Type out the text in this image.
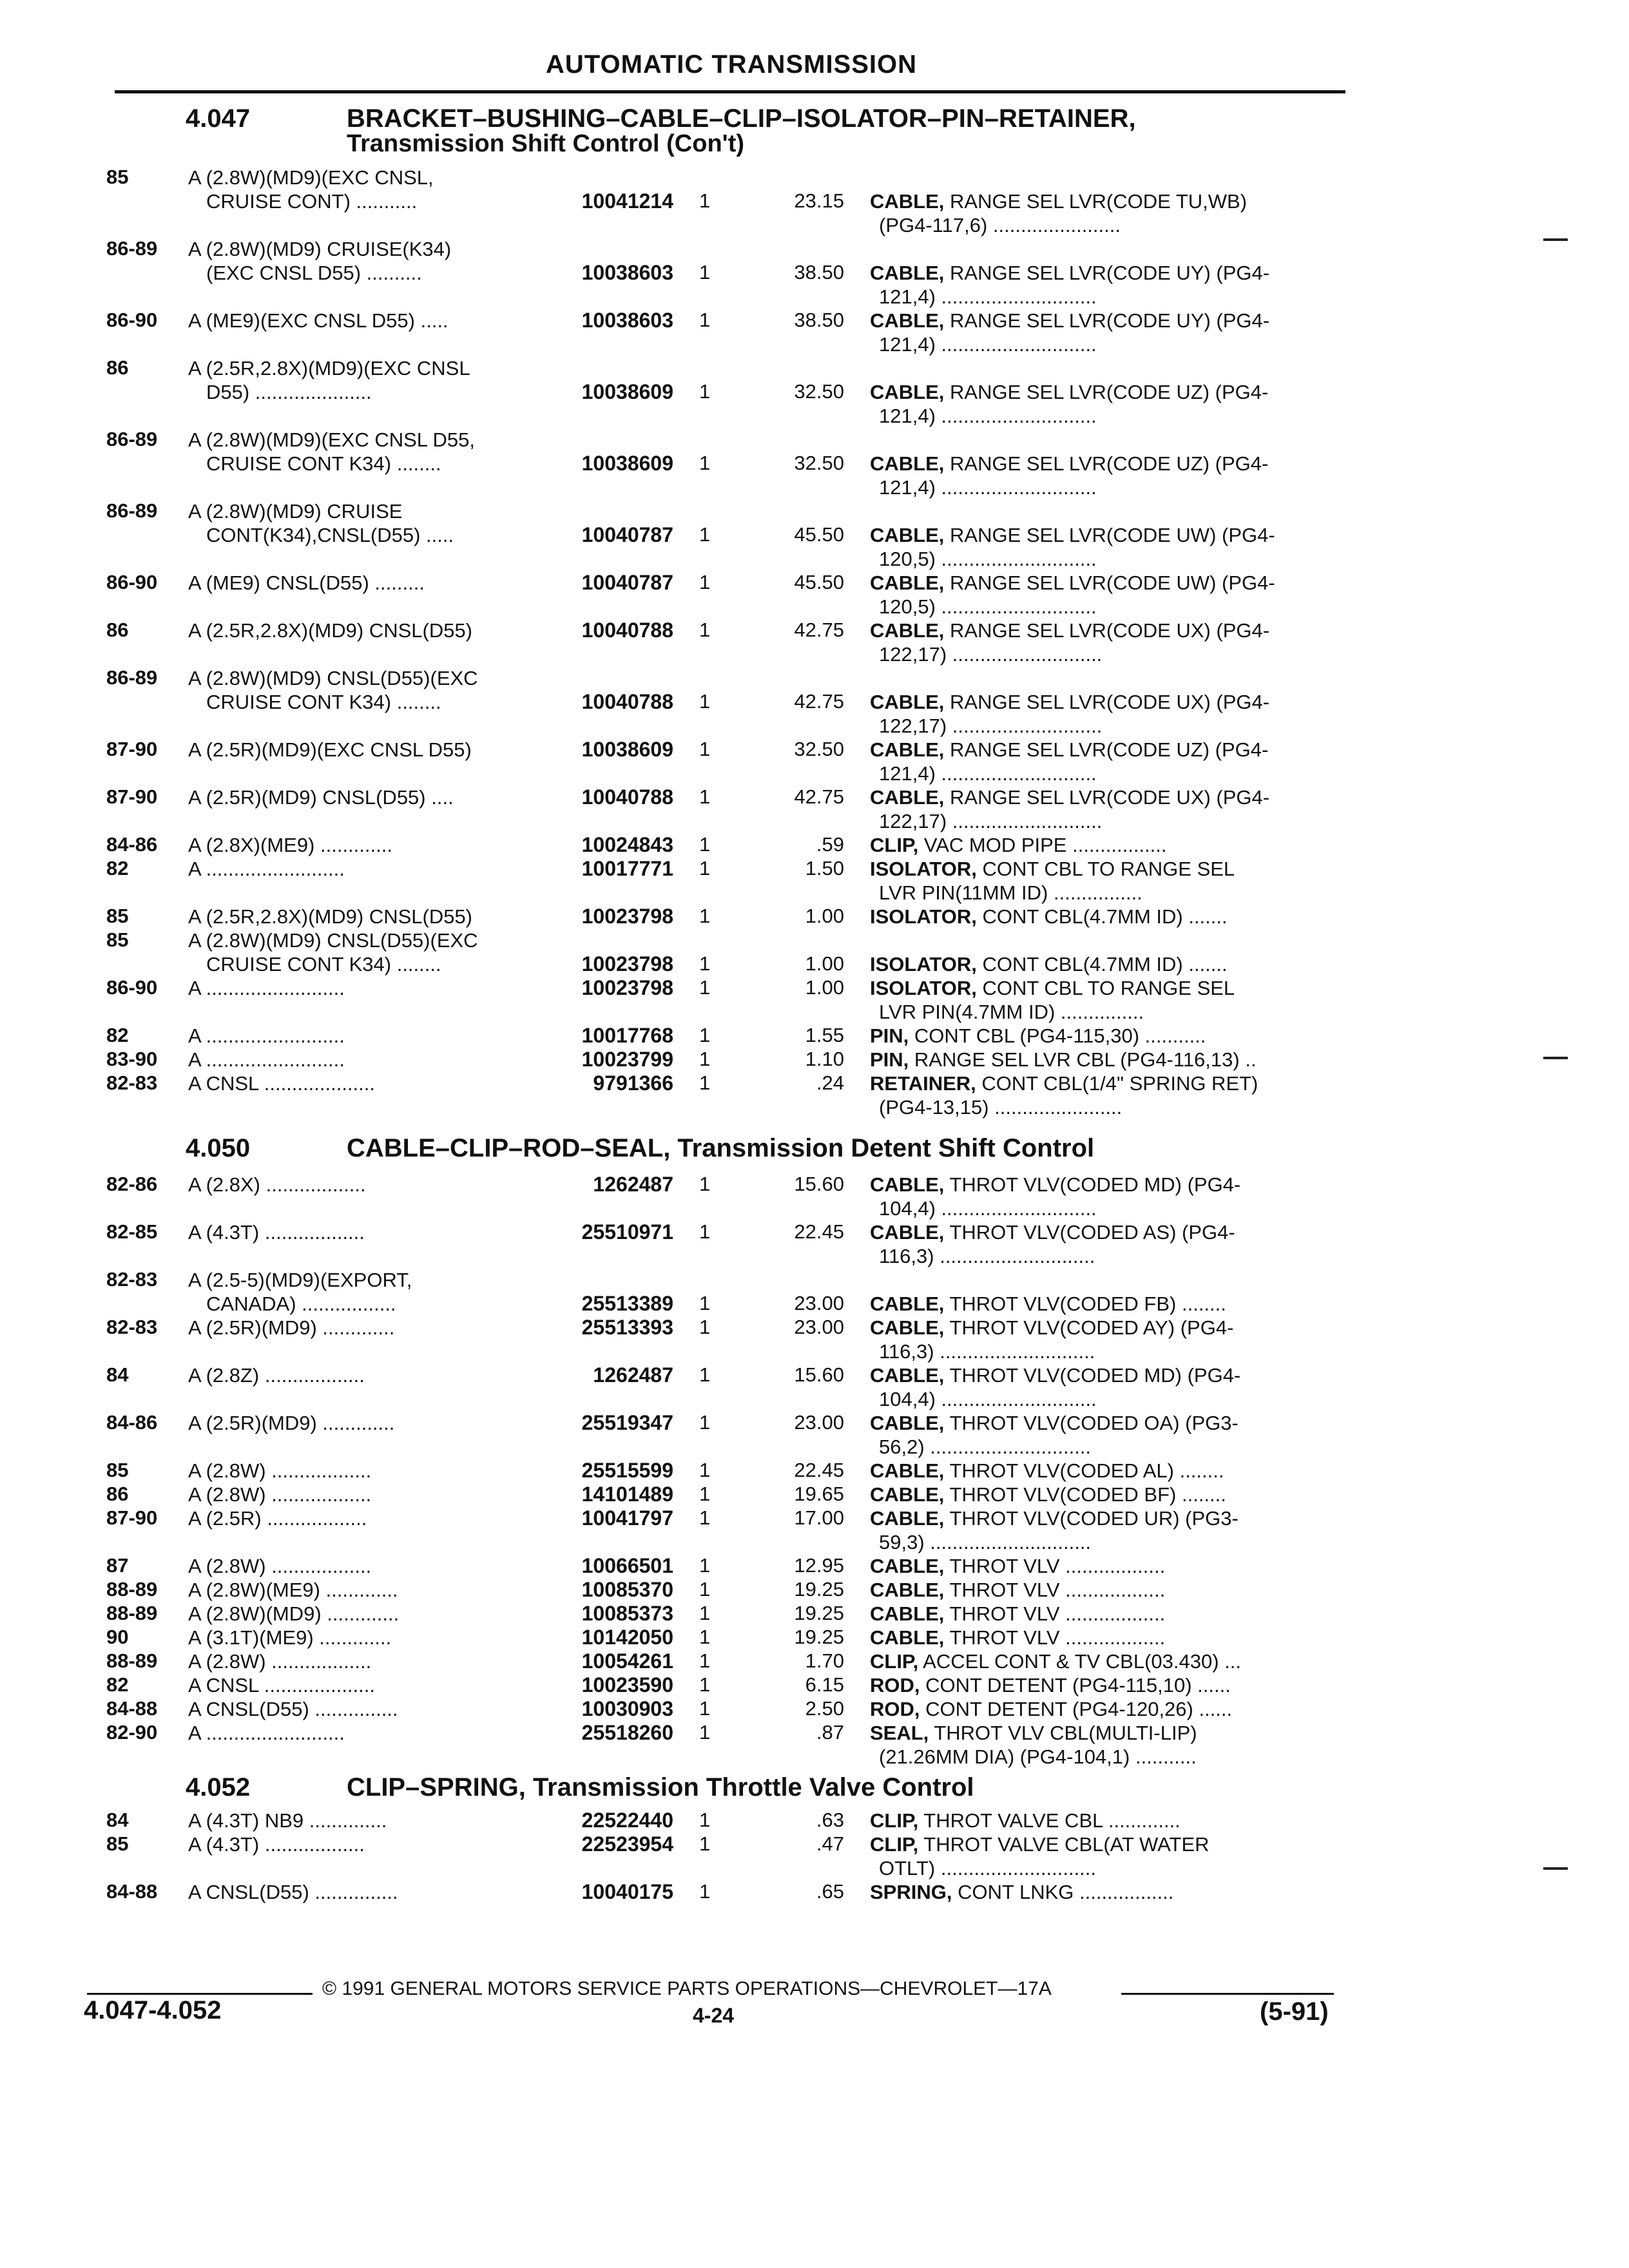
AUTOMATIC TRANSMISSION
4.047	BRACKET–BUSHING–CABLE–CLIP–ISOLATOR–PIN–RETAINER,
Transmission Shift Control (Con't)
85	A (2.8W)(MD9)(EXC CNSL,
CRUISE CONT) ...........	10041214 1	23.15 CABLE, RANGE SEL LVR(CODE TU,WB)
(PG4-117,6) .......................
86-89 A (2.8W)(MD9) CRUISE(K34)
(EXC CNSL D55) ..........	10038603 1	38.50 CABLE, RANGE SEL LVR(CODE UY) (PG4-
121,4) ............................
86-90 A (ME9)(EXC CNSL D55) .....	10038603 1	38.50 CABLE, RANGE SEL LVR(CODE UY) (PG4-
121,4) ............................
86	A (2.5R,2.8X)(MD9)(EXC CNSL
D55) .....................	10038609 1	32.50 CABLE, RANGE SEL LVR(CODE UZ) (PG4-
121,4) ............................
86-89 A (2.8W)(MD9)(EXC CNSL D55,
CRUISE CONT K34) ........	10038609 1	32.50 CABLE, RANGE SEL LVR(CODE UZ) (PG4-
121,4) ............................
86-89 A (2.8W)(MD9) CRUISE
CONT(K34),CNSL(D55) .....	10040787 1	45.50 CABLE, RANGE SEL LVR(CODE UW) (PG4-
120,5) ............................
86-90 A (ME9) CNSL(D55) .........	10040787 1	45.50 CABLE, RANGE SEL LVR(CODE UW) (PG4-
120,5) ............................
86	A (2.5R,2.8X)(MD9) CNSL(D55)	10040788 1	42.75 CABLE, RANGE SEL LVR(CODE UX) (PG4-
122,17) ...........................
86-89 A (2.8W)(MD9) CNSL(D55)(EXC
CRUISE CONT K34) ........	10040788 1	42.75 CABLE, RANGE SEL LVR(CODE UX) (PG4-
122,17) ...........................
87-90 A (2.5R)(MD9)(EXC CNSL D55)	10038609 1	32.50 CABLE, RANGE SEL LVR(CODE UZ) (PG4-
121,4) ............................
87-90 A (2.5R)(MD9) CNSL(D55) ....	10040788 1	42.75 CABLE, RANGE SEL LVR(CODE UX) (PG4-
122,17) ...........................
84-86 A (2.8X)(ME9) .............	10024843 1	.59 CLIP, VAC MOD PIPE .................
82	A .........................	10017771 1	1.50 ISOLATOR, CONT CBL TO RANGE SEL
LVR PIN(11MM ID) ................
85	A (2.5R,2.8X)(MD9) CNSL(D55)	10023798 1	1.00 ISOLATOR, CONT CBL(4.7MM ID) .......
85	A (2.8W)(MD9) CNSL(D55)(EXC
CRUISE CONT K34) ........	10023798 1	1.00 ISOLATOR, CONT CBL(4.7MM ID) .......
86-90 A .........................	10023798 1	1.00 ISOLATOR, CONT CBL TO RANGE SEL
LVR PIN(4.7MM ID) ...............
82	A .........................	10017768 1	1.55 PIN, CONT CBL (PG4-115,30) ...........
83-90 A .........................	10023799 1	1.10 PIN, RANGE SEL LVR CBL (PG4-116,13) ..
82-83 A CNSL ....................	9791366 1	.24 RETAINER, CONT CBL(1/4" SPRING RET)
(PG4-13,15) .......................
4.050	CABLE–CLIP–ROD–SEAL, Transmission Detent Shift Control
82-86 A (2.8X) ..................	1262487 1	15.60 CABLE, THROT VLV(CODED MD) (PG4-
104,4) ............................
82-85 A (4.3T) ..................	25510971 1	22.45 CABLE, THROT VLV(CODED AS) (PG4-
116,3) ............................
82-83 A (2.5-5)(MD9)(EXPORT,
CANADA) .................	25513389 1	23.00 CABLE, THROT VLV(CODED FB) ........
82-83 A (2.5R)(MD9) .............	25513393 1	23.00 CABLE, THROT VLV(CODED AY) (PG4-
116,3) ............................
84	A (2.8Z) ..................	1262487 1	15.60 CABLE, THROT VLV(CODED MD) (PG4-
104,4) ............................
84-86 A (2.5R)(MD9) .............	25519347 1	23.00 CABLE, THROT VLV(CODED OA) (PG3-
56,2) .............................
85	A (2.8W) ..................	25515599 1	22.45 CABLE, THROT VLV(CODED AL) ........
86	A (2.8W) ..................	14101489 1	19.65 CABLE, THROT VLV(CODED BF) ........
87-90 A (2.5R) ..................	10041797 1	17.00 CABLE, THROT VLV(CODED UR) (PG3-
59,3) .............................
87	A (2.8W) ..................	10066501 1	12.95 CABLE, THROT VLV ..................
88-89 A (2.8W)(ME9) .............	10085370 1	19.25 CABLE, THROT VLV ..................
88-89 A (2.8W)(MD9) .............	10085373 1	19.25 CABLE, THROT VLV ..................
90	A (3.1T)(ME9) .............	10142050 1	19.25 CABLE, THROT VLV ..................
88-89 A (2.8W) ..................	10054261 1	1.70 CLIP, ACCEL CONT & TV CBL(03.430) ...
82	A CNSL ....................	10023590 1	6.15 ROD, CONT DETENT (PG4-115,10) ......
84-88 A CNSL(D55) ...............	10030903 1	2.50 ROD, CONT DETENT (PG4-120,26) ......
82-90 A .........................	25518260 1	.87 SEAL, THROT VLV CBL(MULTI-LIP)
(21.26MM DIA) (PG4-104,1) ...........
4.052	CLIP–SPRING, Transmission Throttle Valve Control
84	A (4.3T) NB9 ..............	22522440 1	.63 CLIP, THROT VALVE CBL .............
85	A (4.3T) ..................	22523954 1	.47 CLIP, THROT VALVE CBL(AT WATER
OTLT) ............................
84-88 A CNSL(D55) ...............	10040175 1	.65 SPRING, CONT LNKG .................
© 1991 GENERAL MOTORS SERVICE PARTS OPERATIONS—CHEVROLET—17A
4.047-4.052	4-24	(5-91)
